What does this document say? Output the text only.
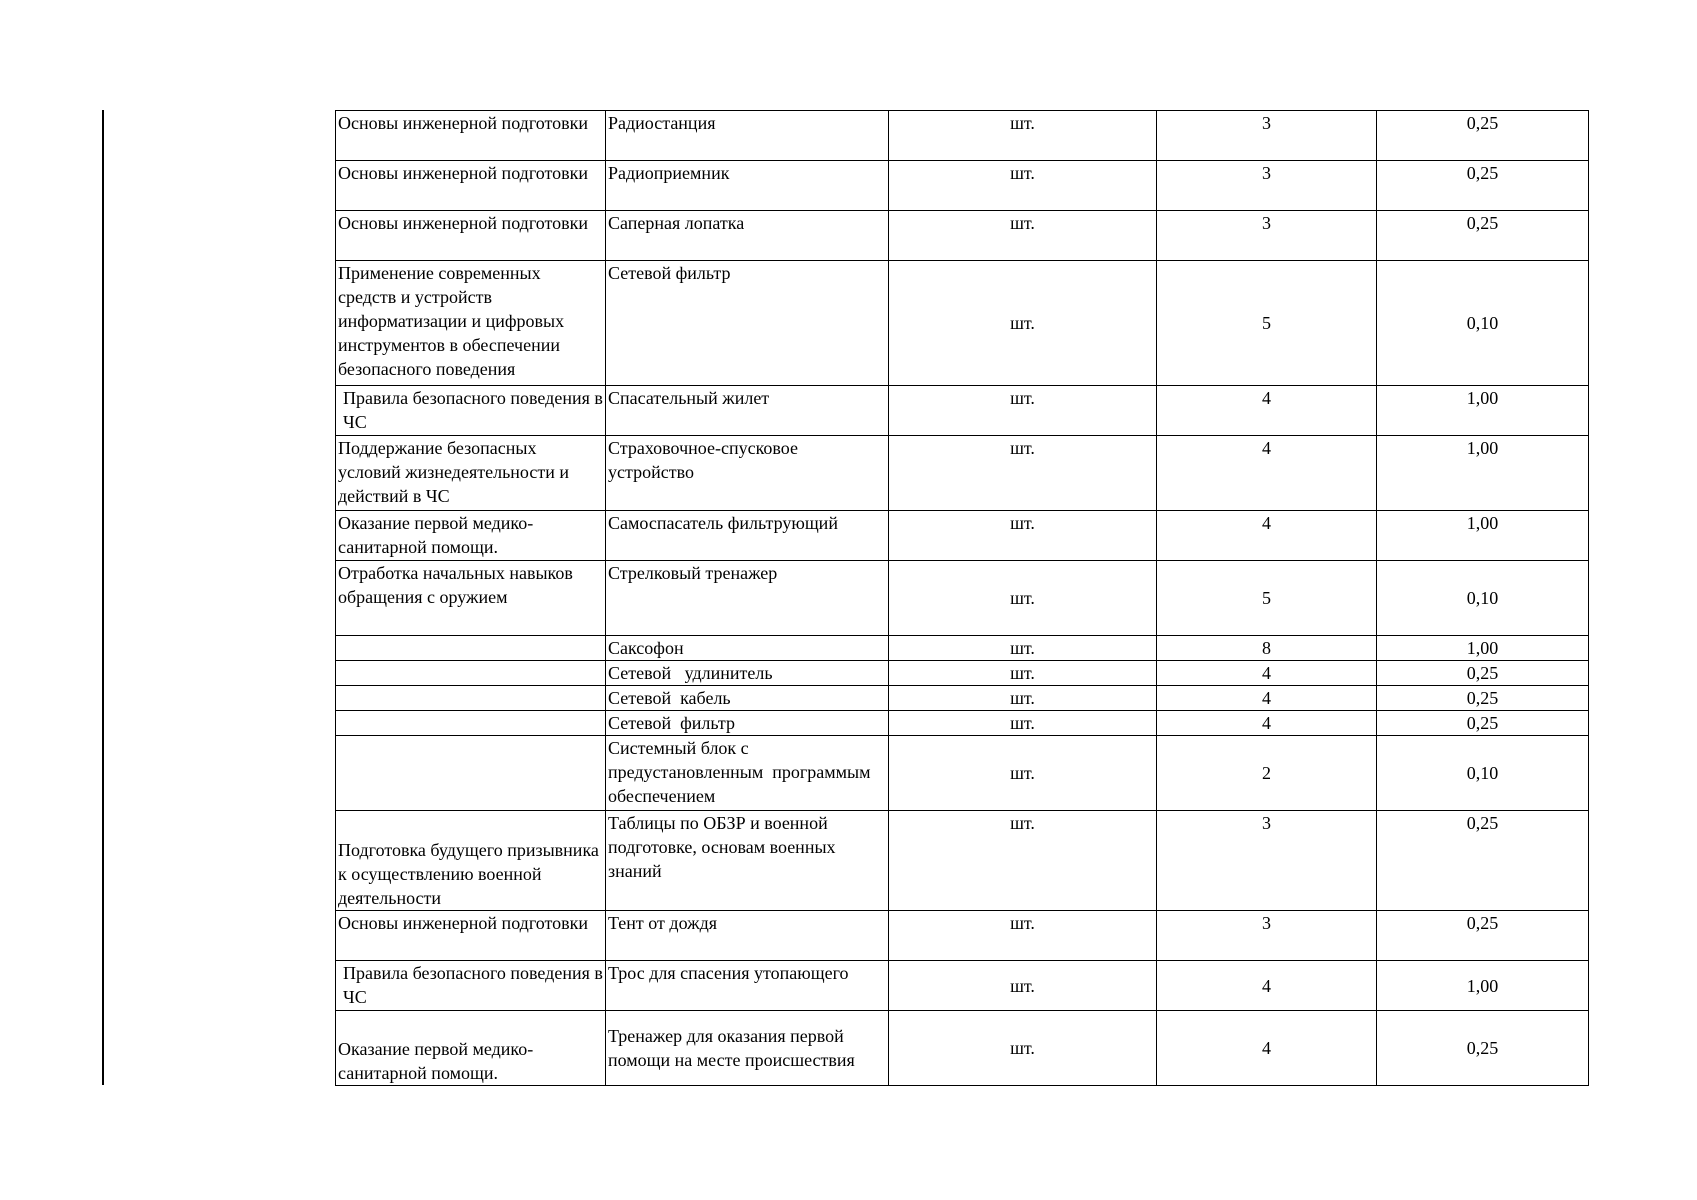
Основы инженерной подготовки	Радиостанция	шт.	3	0,25
Основы инженерной подготовки	Радиоприемник	шт.	3	0,25
Основы инженерной подготовки	Саперная лопатка	шт.	3	0,25
Применение современных средств и устройств информатизации и цифровых инструментов в обеспечении безопасного поведения	Сетевой фильтр	шт.	5	0,10
Правила безопасного поведения в ЧС	Спасательный жилет	шт.	4	1,00
Поддержание безопасных условий жизнедеятельности и действий в ЧС	Страховочное-спусковое устройство	шт.	4	1,00
Оказание первой медико-санитарной помощи.	Самоспасатель фильтрующий	шт.	4	1,00
Отработка начальных навыков обращения с оружием	Стрелковый тренажер	шт.	5	0,10
	Саксофон	шт.	8	1,00
	Сетевой   удлинитель	шт.	4	0,25
	Сетевой  кабель	шт.	4	0,25
	Сетевой  фильтр	шт.	4	0,25
	Системный блок с предустановленным  программым обеспечением	шт.	2	0,10
Подготовка будущего призывника к осуществлению военной деятельности	Таблицы по ОБЗР и военной подготовке, основам военных знаний	шт.	3	0,25
Основы инженерной подготовки	Тент от дождя	шт.	3	0,25
Правила безопасного поведения в ЧС	Трос для спасения утопающего	шт.	4	1,00
Оказание первой медико-санитарной помощи.	Тренажер для оказания первой помощи на месте происшествия	шт.	4	0,25
